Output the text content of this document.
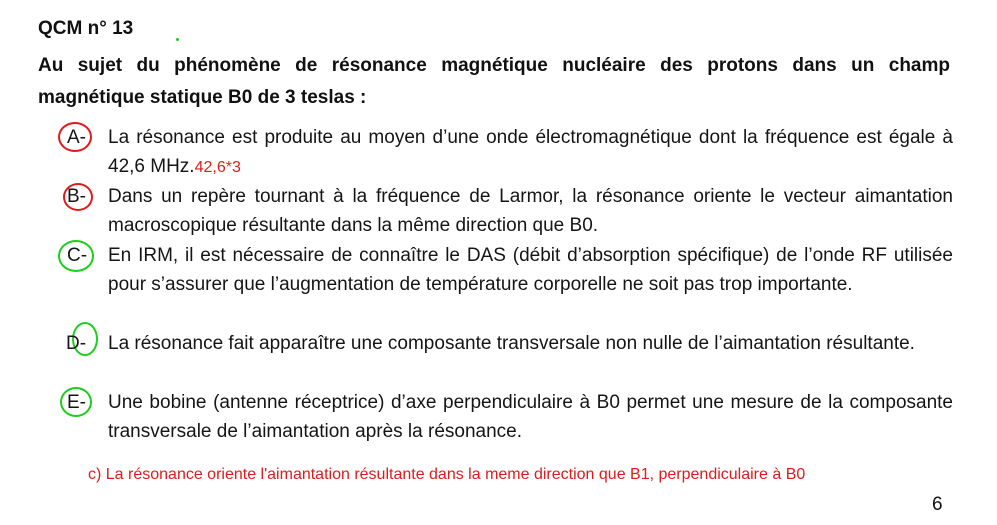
QCM n° 13
Au sujet du phénomène de résonance magnétique nucléaire des protons dans un champ magnétique statique B0 de 3 teslas :
A- La résonance est produite au moyen d’une onde électromagnétique dont la fréquence est égale à 42,6 MHz.42,6*3
B- Dans un repère tournant à la fréquence de Larmor, la résonance oriente le vecteur aimantation macroscopique résultante dans la même direction que B0.
C- En IRM, il est nécessaire de connaître le DAS (débit d’absorption spécifique) de l’onde RF utilisée pour s’assurer que l’augmentation de température corporelle ne soit pas trop importante.
D- La résonance fait apparaître une composante transversale non nulle de l’aimantation résultante.
E- Une bobine (antenne réceptrice) d’axe perpendiculaire à B0 permet une mesure de la composante transversale de l’aimantation après la résonance.
c) La résonance oriente l'aimantation résultante dans la meme direction que B1, perpendiculaire à B0
6
